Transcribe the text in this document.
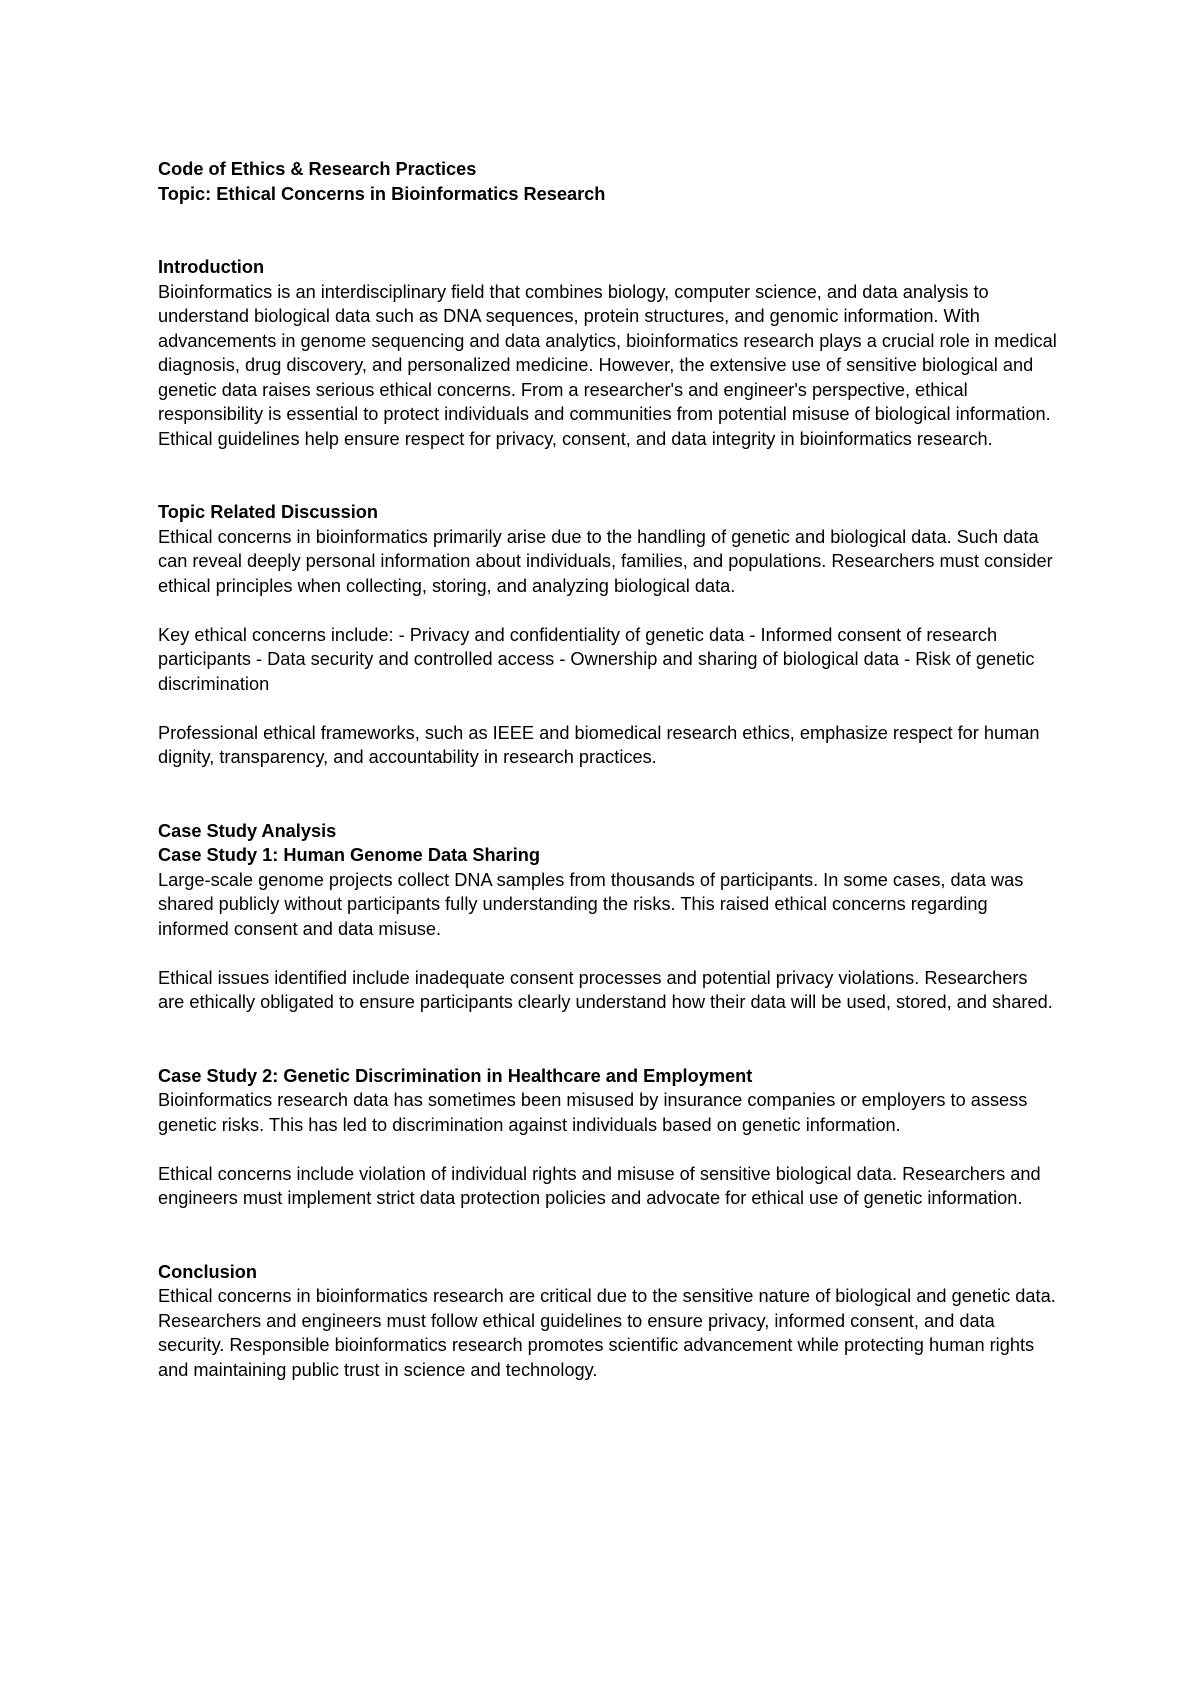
Code of Ethics & Research Practices

Topic: Ethical Concerns in Bioinformatics Research

Introduction

Bioinformatics is an interdisciplinary field that combines biology, computer science, and data analysis to understand biological data such as DNA sequences, protein structures, and genomic information. With advancements in genome sequencing and data analytics, bioinformatics research plays a crucial role in medical diagnosis, drug discovery, and personalized medicine. However, the extensive use of sensitive biological and genetic data raises serious ethical concerns. From a researcher's and engineer's perspective, ethical responsibility is essential to protect individuals and communities from potential misuse of biological information. Ethical guidelines help ensure respect for privacy, consent, and data integrity in bioinformatics research.

Topic Related Discussion

Ethical concerns in bioinformatics primarily arise due to the handling of genetic and biological data. Such data can reveal deeply personal information about individuals, families, and populations. Researchers must consider ethical principles when collecting, storing, and analyzing biological data.

Key ethical concerns include: - Privacy and confidentiality of genetic data - Informed consent of research participants - Data security and controlled access - Ownership and sharing of biological data - Risk of genetic discrimination

Professional ethical frameworks, such as IEEE and biomedical research ethics, emphasize respect for human dignity, transparency, and accountability in research practices.

Case Study Analysis

Case Study 1: Human Genome Data Sharing

Large-scale genome projects collect DNA samples from thousands of participants. In some cases, data was shared publicly without participants fully understanding the risks. This raised ethical concerns regarding informed consent and data misuse.

Ethical issues identified include inadequate consent processes and potential privacy violations. Researchers are ethically obligated to ensure participants clearly understand how their data will be used, stored, and shared.

Case Study 2: Genetic Discrimination in Healthcare and Employment

Bioinformatics research data has sometimes been misused by insurance companies or employers to assess genetic risks. This has led to discrimination against individuals based on genetic information.

Ethical concerns include violation of individual rights and misuse of sensitive biological data. Researchers and engineers must implement strict data protection policies and advocate for ethical use of genetic information.

Conclusion

Ethical concerns in bioinformatics research are critical due to the sensitive nature of biological and genetic data. Researchers and engineers must follow ethical guidelines to ensure privacy, informed consent, and data security. Responsible bioinformatics research promotes scientific advancement while protecting human rights and maintaining public trust in science and technology.
